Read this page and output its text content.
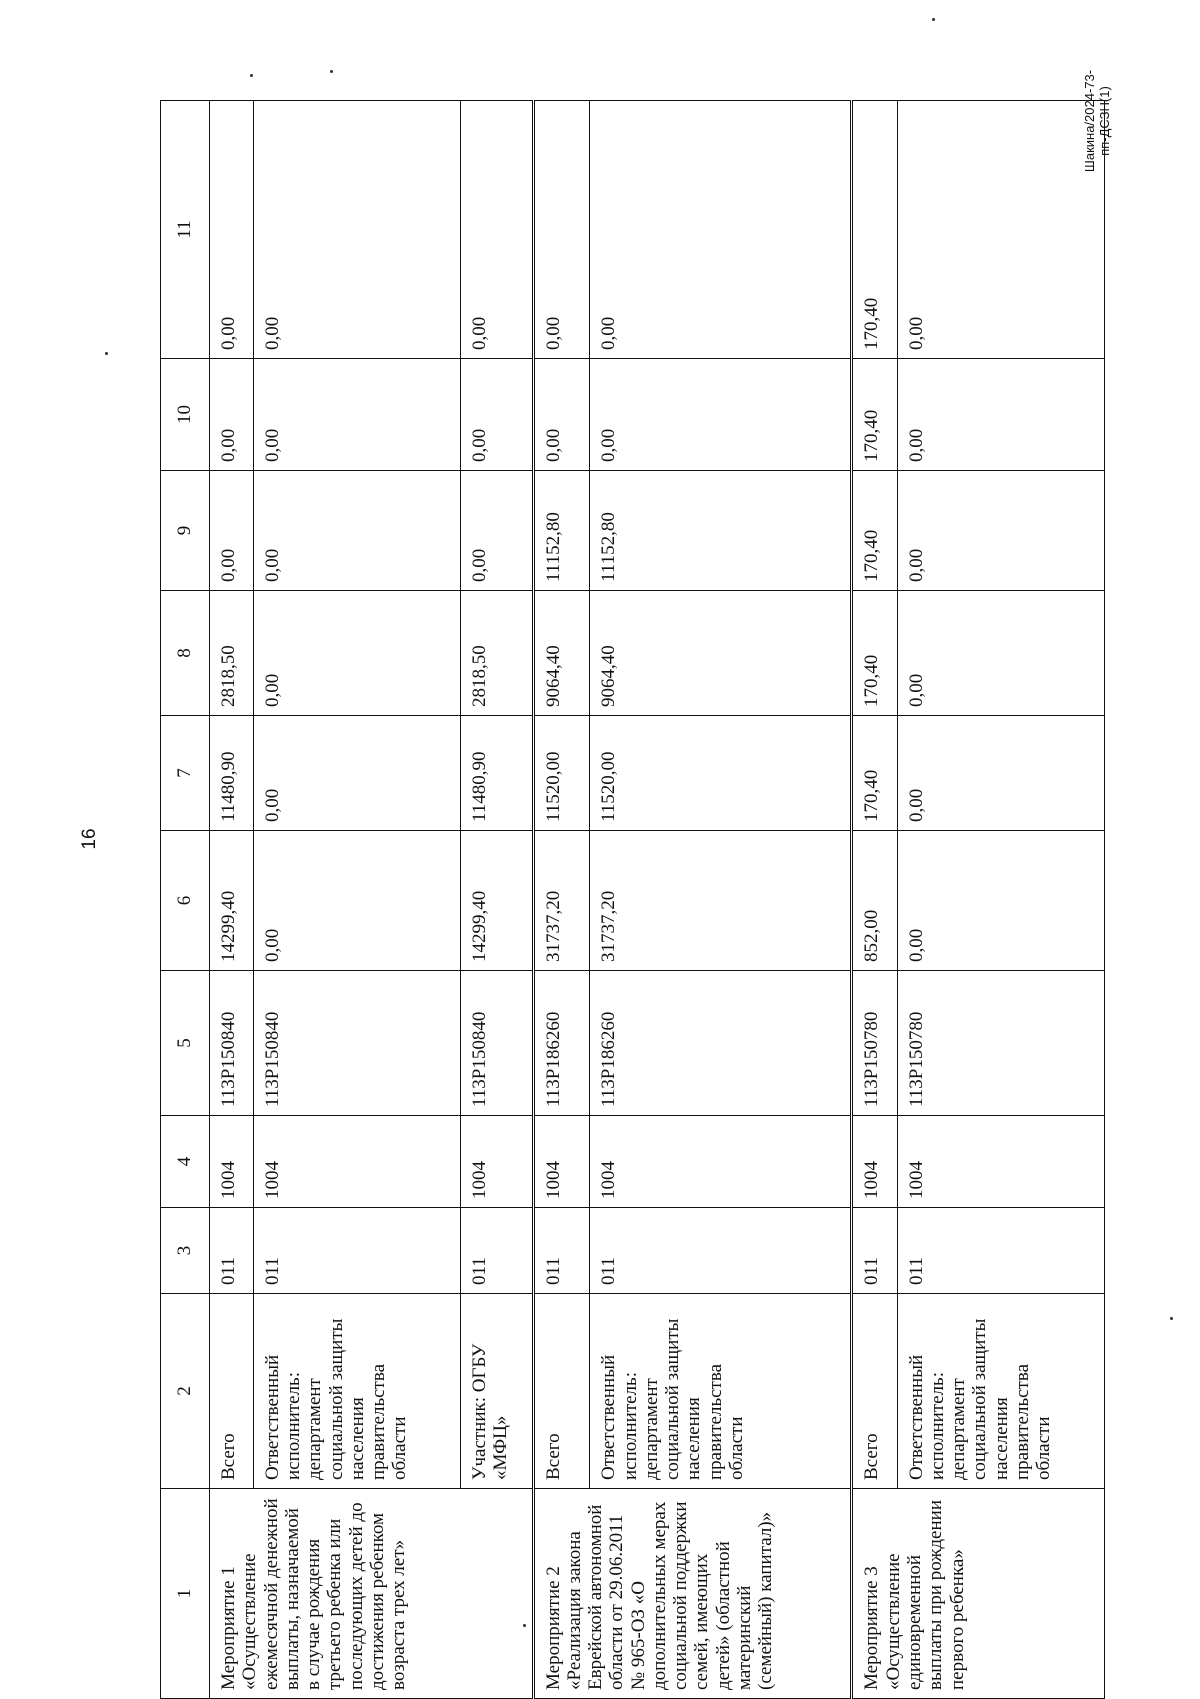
16
Шакина/2024-73-пп-ДСЗН(1)
1	2	3	4	5	6	7	8	9	10	11
Мероприятие 1 «Осуществление ежемесячной денежной выплаты, назначаемой в случае рождения третьего ребенка или последующих детей до достижения ребенком возраста трех лет»	Всего	011	1004	113P150840	14299,40	11480,90	2818,50	0,00	0,00	0,00
	Ответственный исполнитель: департамент социальной защиты населения правительства области	011	1004	113P150840	0,00	0,00	0,00	0,00	0,00	0,00
	Участник: ОГБУ «МФЦ»	011	1004	113P150840	14299,40	11480,90	2818,50	0,00	0,00	0,00
Мероприятие 2 «Реализация закона Еврейской автономной области от 29.06.2011 № 965-ОЗ «О дополнительных мерах социальной поддержки семей, имеющих детей» (областной материнский (семейный) капитал)»	Всего	011	1004	113P186260	31737,20	11520,00	9064,40	11152,80	0,00	0,00
	Ответственный исполнитель: департамент социальной защиты населения правительства области	011	1004	113P186260	31737,20	11520,00	9064,40	11152,80	0,00	0,00
Мероприятие 3 «Осуществление единовременной выплаты при рождении первого ребенка»	Всего	011	1004	113P150780	852,00	170,40	170,40	170,40	170,40	170,40
	Ответственный исполнитель: департамент социальной защиты населения правительства области	011	1004	113P150780	0,00	0,00	0,00	0,00	0,00	0,00
